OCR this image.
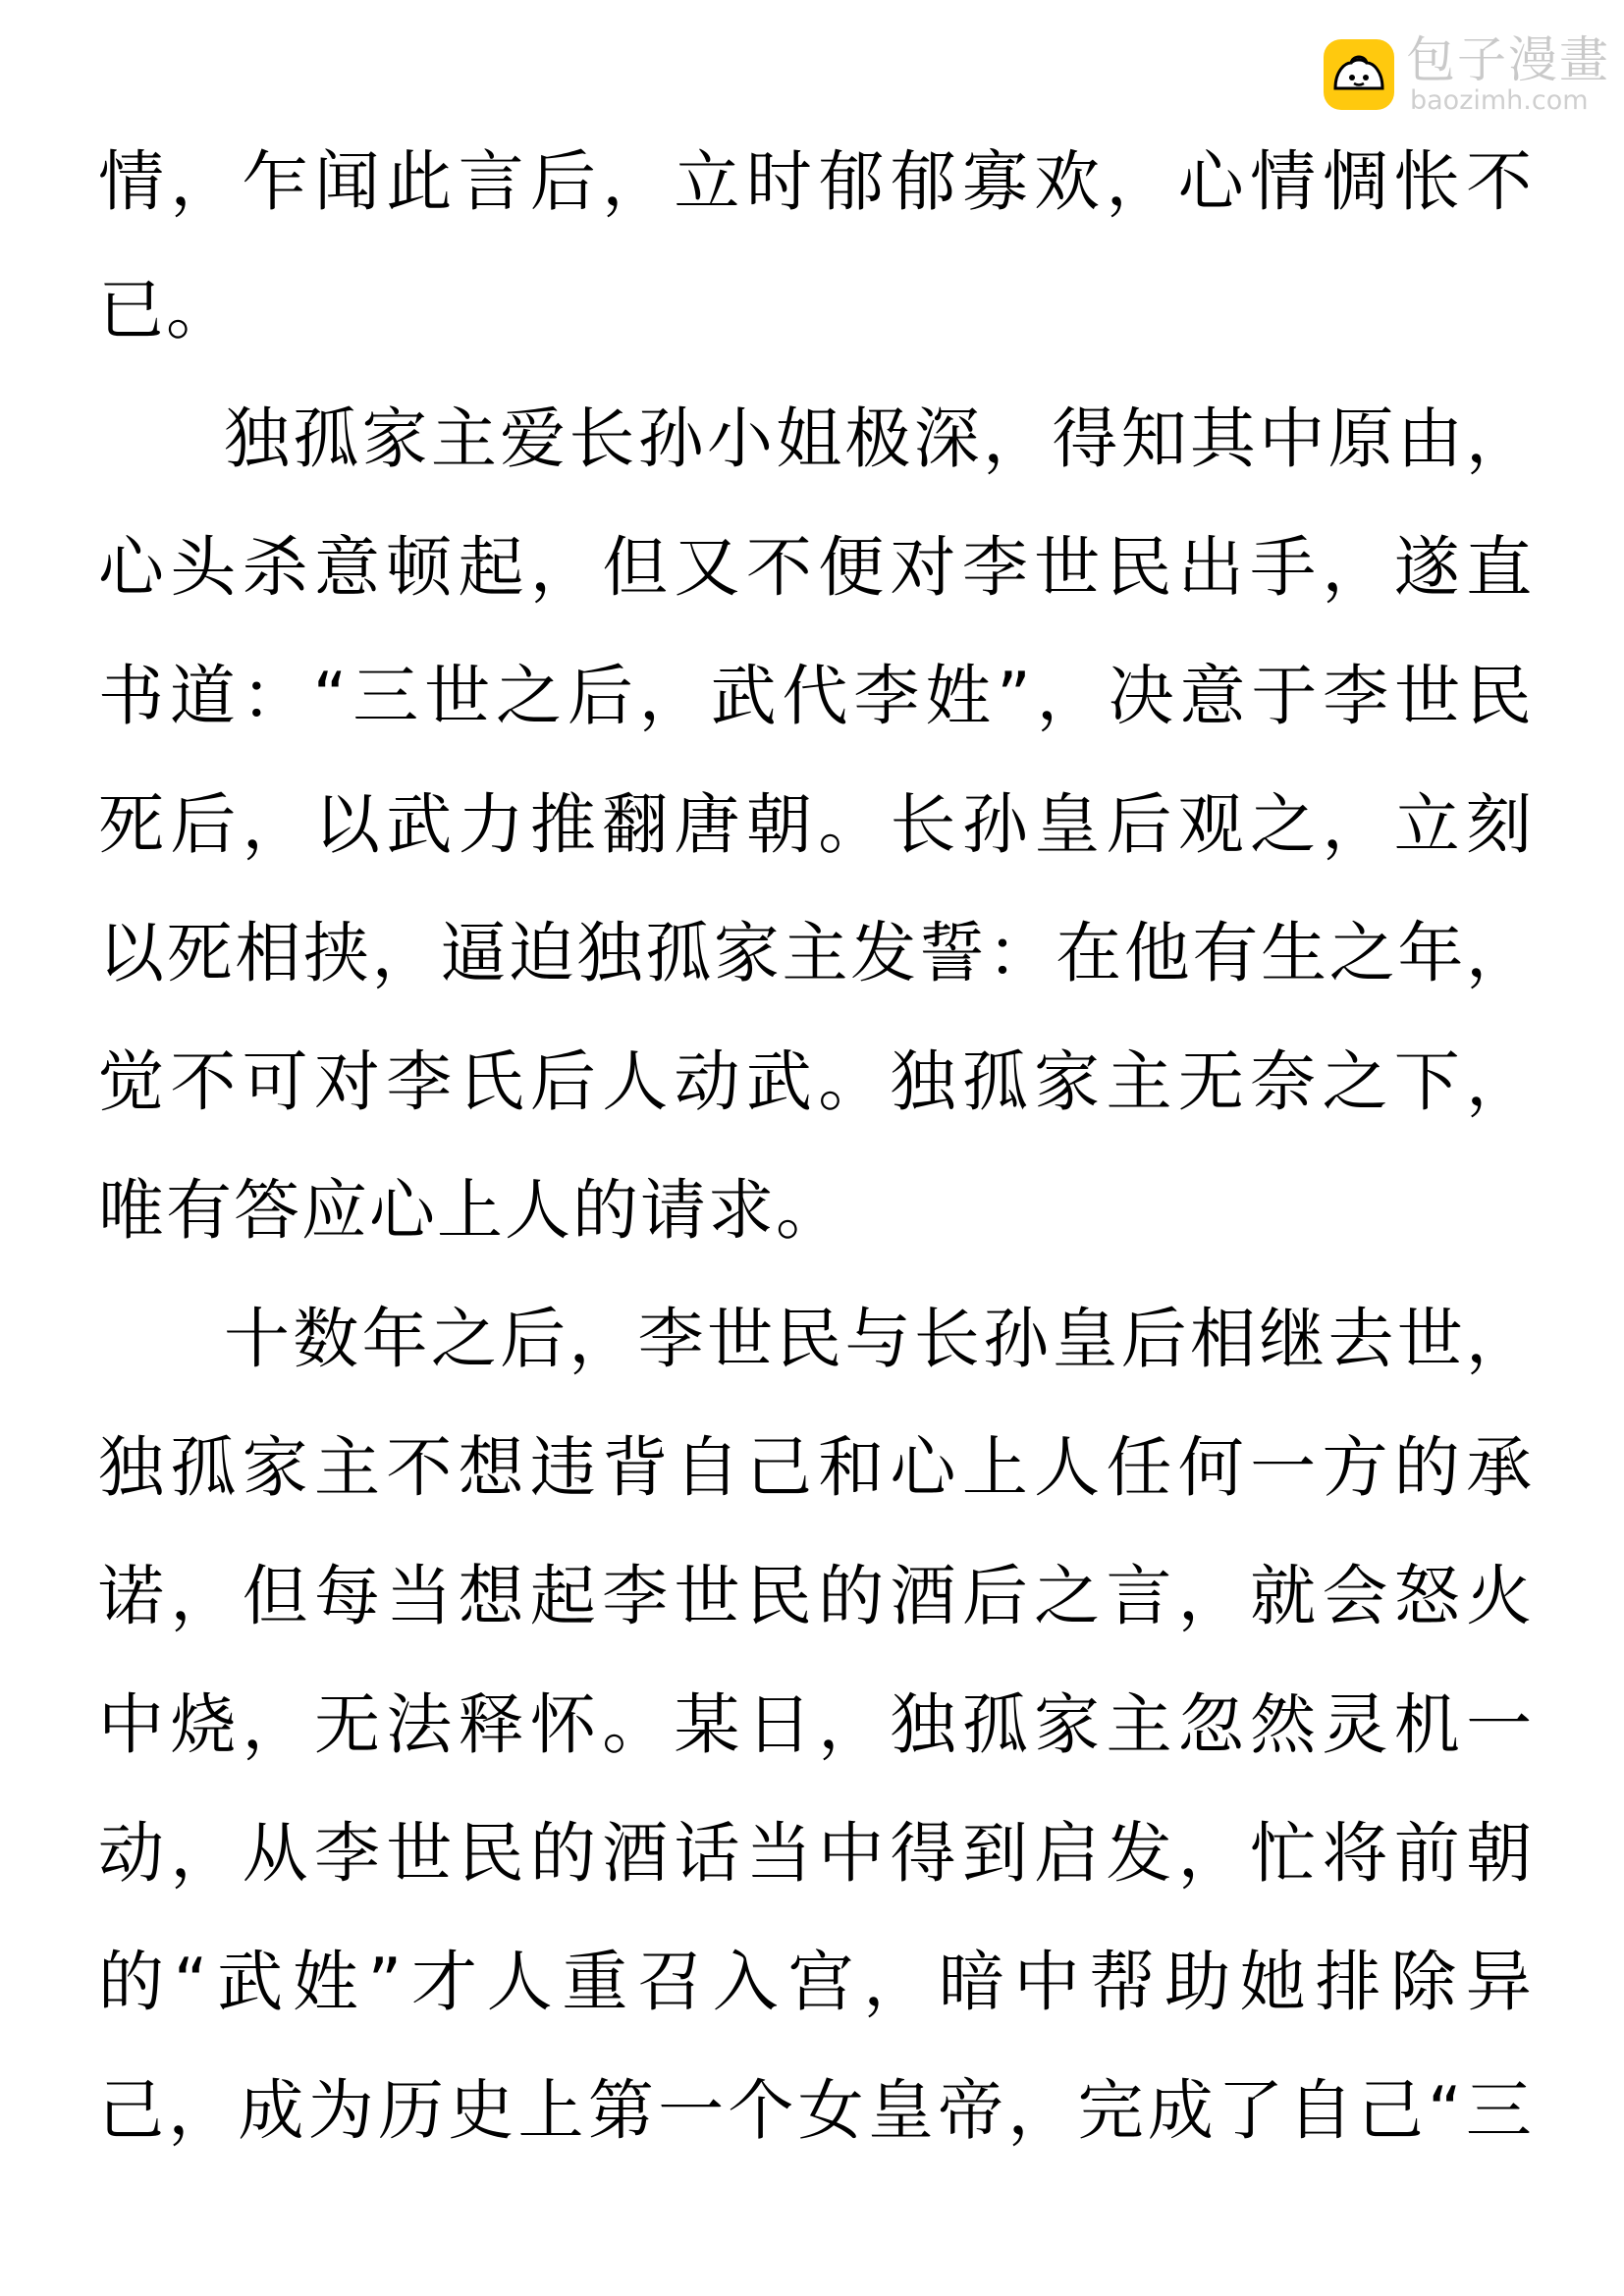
包子漫畫
baozimh.com
情，乍闻此言后，立时郁郁寡欢，心情惆怅不
已。
独孤家主爱长孙小姐极深，得知其中原由，
心头杀意顿起，但又不便对李世民出手，遂直
书道：“三世之后，武代李姓”，决意于李世民
死后，以武力推翻唐朝。长孙皇后观之，立刻
以死相挟，逼迫独孤家主发誓：在他有生之年，
觉不可对李氏后人动武。独孤家主无奈之下，
唯有答应心上人的请求。
十数年之后，李世民与长孙皇后相继去世，
独孤家主不想违背自己和心上人任何一方的承
诺，但每当想起李世民的酒后之言，就会怒火
中烧，无法释怀。某日，独孤家主忽然灵机一
动，从李世民的酒话当中得到启发，忙将前朝
的“武姓”才人重召入宫，暗中帮助她排除异
己，成为历史上第一个女皇帝，完成了自己“三
